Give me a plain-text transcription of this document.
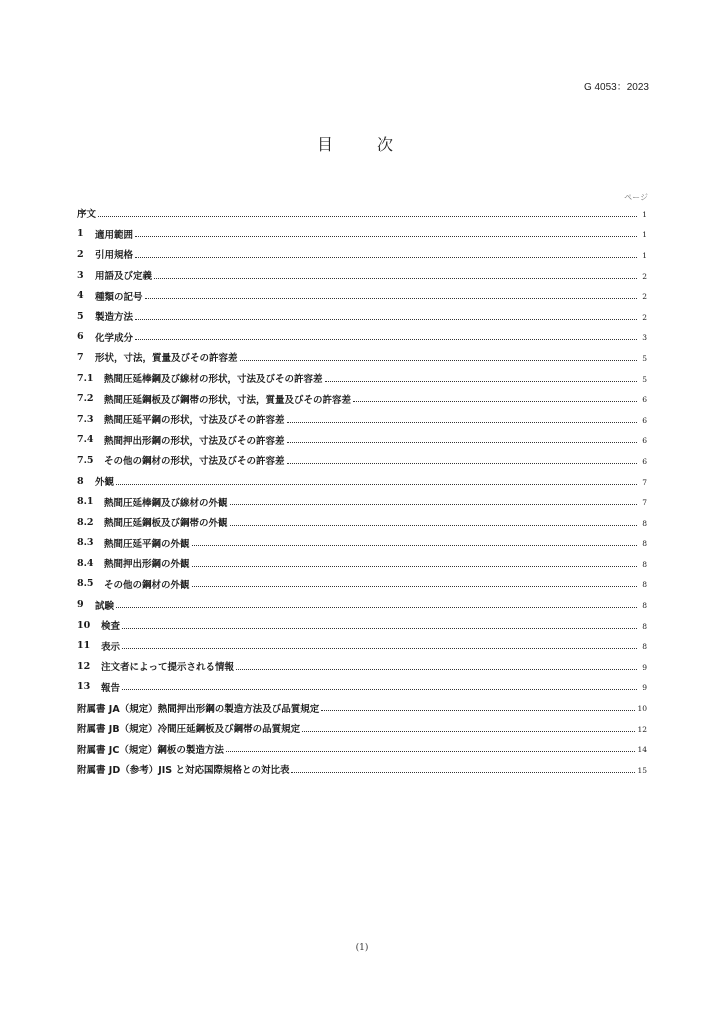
G 4053：2023
目　次
ページ
序文	1
1	適用範囲	1
2	引用規格	1
3	用語及び定義	2
4	種類の記号	2
5	製造方法	2
6	化学成分	3
7	形状，寸法，質量及びその許容差	5
7.1	熱間圧延棒鋼及び線材の形状，寸法及びその許容差	5
7.2	熱間圧延鋼板及び鋼帯の形状，寸法，質量及びその許容差	6
7.3	熱間圧延平鋼の形状，寸法及びその許容差	6
7.4	熱間押出形鋼の形状，寸法及びその許容差	6
7.5	その他の鋼材の形状，寸法及びその許容差	6
8	外観	7
8.1	熱間圧延棒鋼及び線材の外観	7
8.2	熱間圧延鋼板及び鋼帯の外観	8
8.3	熱間圧延平鋼の外観	8
8.4	熱間押出形鋼の外観	8
8.5	その他の鋼材の外観	8
9	試験	8
10	検査	8
11	表示	8
12	注文者によって提示される情報	9
13	報告	9
附属書 JA（規定）熱間押出形鋼の製造方法及び品質規定	10
附属書 JB（規定）冷間圧延鋼板及び鋼帯の品質規定	12
附属書 JC（規定）鋼板の製造方法	14
附属書 JD（参考）JIS と対応国際規格との対比表	15
(1)
